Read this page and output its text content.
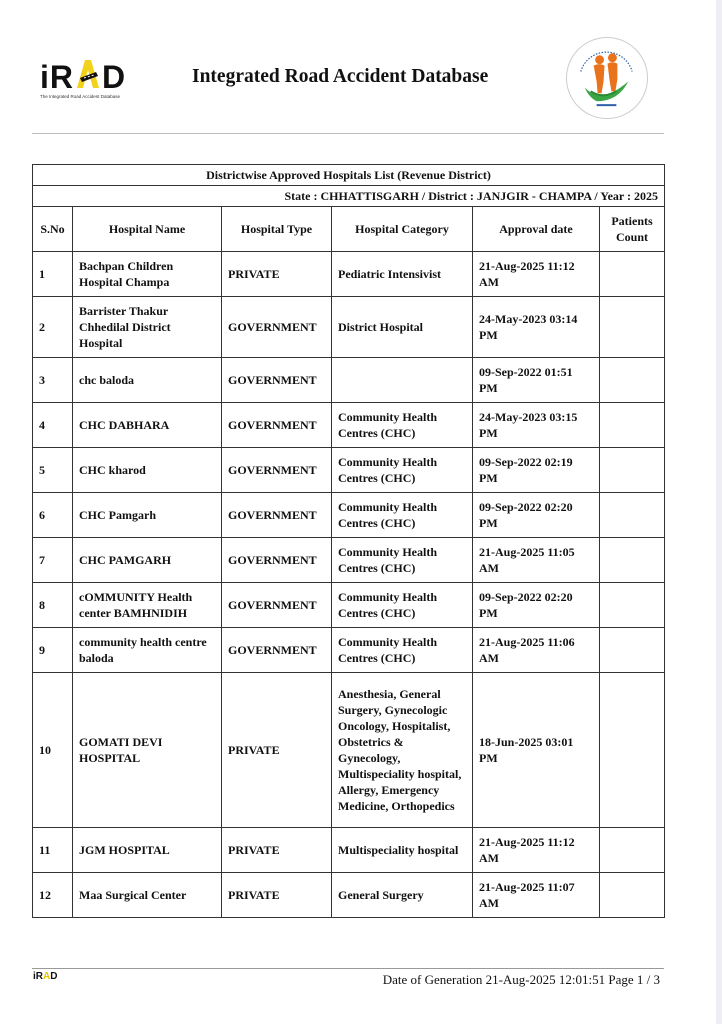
iR D
The Integrated Road Accident Database
Integrated Road Accident Database
Districtwise Approved Hospitals List (Revenue District)					
State : CHHATTISGARH / District : JANJGIR - CHAMPA / Year : 2025					
S.No	Hospital Name	Hospital Type	Hospital Category	Approval date	Patients Count
1	Bachpan Children Hospital Champa	PRIVATE	Pediatric Intensivist	21-Aug-2025 11:12 AM	
2	Barrister Thakur Chhedilal District Hospital	GOVERNMENT	District Hospital	24-May-2023 03:14 PM	
3	chc baloda	GOVERNMENT		09-Sep-2022 01:51 PM	
4	CHC DABHARA	GOVERNMENT	Community Health Centres (CHC)	24-May-2023 03:15 PM	
5	CHC kharod	GOVERNMENT	Community Health Centres (CHC)	09-Sep-2022 02:19 PM	
6	CHC Pamgarh	GOVERNMENT	Community Health Centres (CHC)	09-Sep-2022 02:20 PM	
7	CHC PAMGARH	GOVERNMENT	Community Health Centres (CHC)	21-Aug-2025 11:05 AM	
8	cOMMUNITY Health center BAMHNIDIH	GOVERNMENT	Community Health Centres (CHC)	09-Sep-2022 02:20 PM	
9	community health centre baloda	GOVERNMENT	Community Health Centres (CHC)	21-Aug-2025 11:06 AM	
10	GOMATI DEVI HOSPITAL	PRIVATE	Anesthesia, General Surgery, Gynecologic Oncology, Hospitalist, Obstetrics & Gynecology, Multispeciality hospital, Allergy, Emergency Medicine, Orthopedics	18-Jun-2025 03:01 PM	
11	JGM HOSPITAL	PRIVATE	Multispeciality hospital	21-Aug-2025 11:12 AM	
12	Maa Surgical Center	PRIVATE	General Surgery	21-Aug-2025 11:07 AM	
iRAD	Date of Generation 21-Aug-2025 12:01:51 Page 1 / 3
